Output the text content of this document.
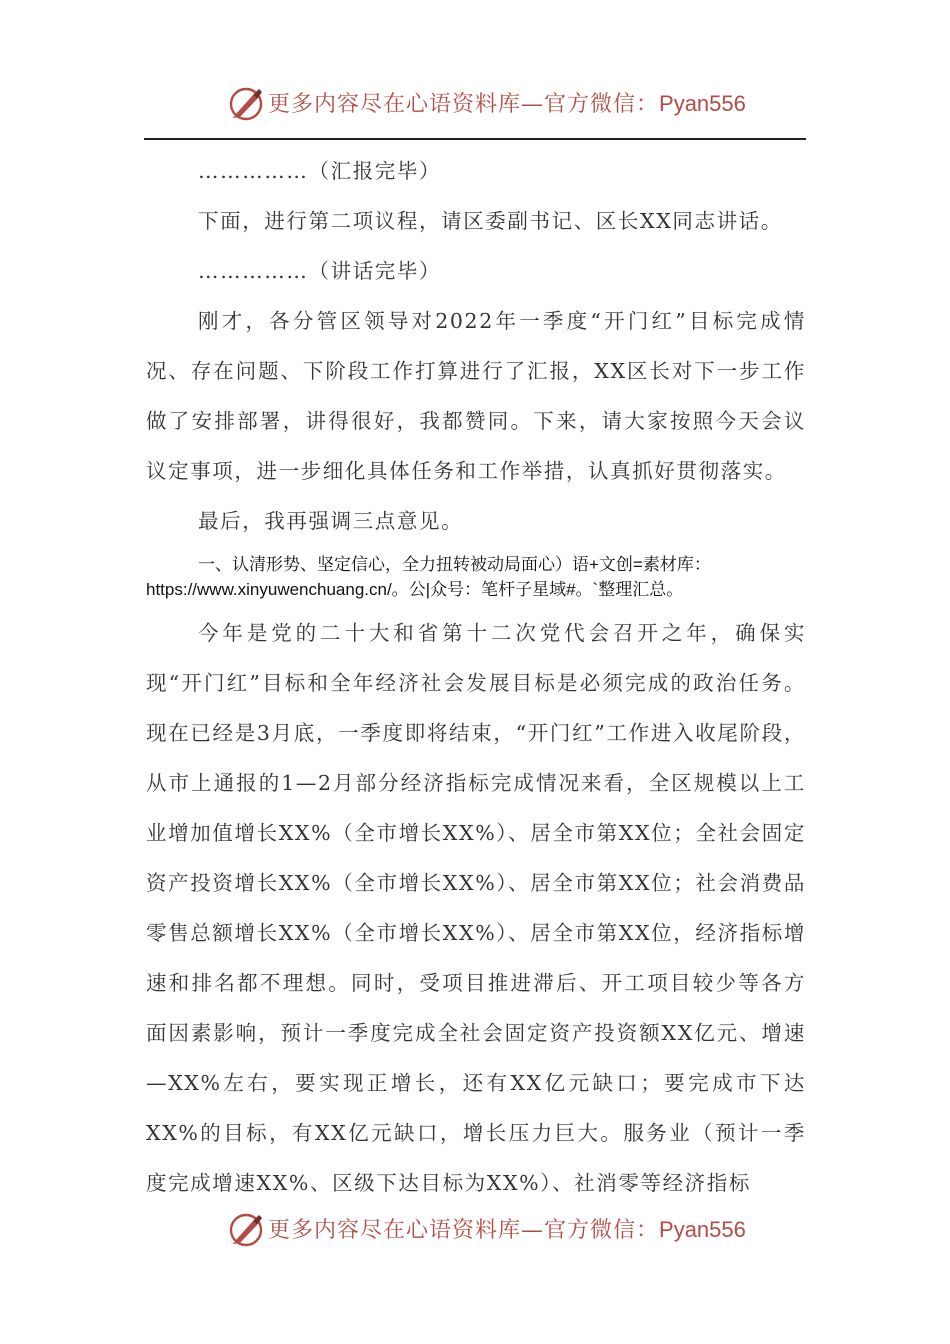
更多内容尽在心语资料库—官方微信：Pyan556

……………（汇报完毕）

下面，进行第二项议程，请区委副书记、区长XX同志讲话。

……………（讲话完毕）

刚才，各分管区领导对2022年一季度“开门红”目标完成情况、存在问题、下阶段工作打算进行了汇报，XX区长对下一步工作做了安排部署，讲得很好，我都赞同。下来，请大家按照今天会议议定事项，进一步细化具体任务和工作举措，认真抓好贯彻落实。

最后，我再强调三点意见。

一、认清形势、坚定信心，全力扭转被动局面心）语+文创=素材库：
https://www.xinyuwenchuang.cn/。公|众号：笔杆子星域#。`整理汇总。

今年是党的二十大和省第十二次党代会召开之年，确保实现“开门红”目标和全年经济社会发展目标是必须完成的政治任务。现在已经是3月底，一季度即将结束，“开门红”工作进入收尾阶段，从市上通报的1—2月部分经济指标完成情况来看，全区规模以上工业增加值增长XX%（全市增长XX%）、居全市第XX位；全社会固定资产投资增长XX%（全市增长XX%）、居全市第XX位；社会消费品零售总额增长XX%（全市增长XX%）、居全市第XX位，经济指标增速和排名都不理想。同时，受项目推进滞后、开工项目较少等各方面因素影响，预计一季度完成全社会固定资产投资额XX亿元、增速—XX%左右，要实现正增长，还有XX亿元缺口；要完成市下达XX%的目标，有XX亿元缺口，增长压力巨大。服务业（预计一季度完成增速XX%、区级下达目标为XX%）、社消零等经济指标

更多内容尽在心语资料库—官方微信：Pyan556
